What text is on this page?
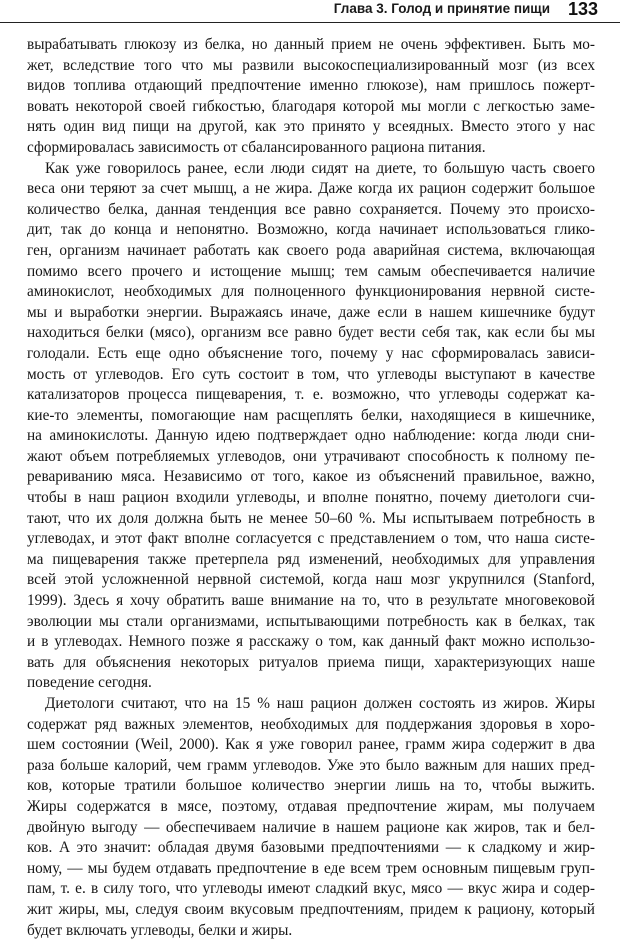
Глава 3. Голод и принятие пищи 133
вырабатывать глюкозу из белка, но данный прием не очень эффективен. Быть мо-
жет, вследствие того что мы развили высокоспециализированный мозг (из всех
видов топлива отдающий предпочтение именно глюкозе), нам пришлось пожерт-
вовать некоторой своей гибкостью, благодаря которой мы могли с легкостью заме-
нять один вид пищи на другой, как это принято у всеядных. Вместо этого у нас
сформировалась зависимость от сбалансированного рациона питания.
Как уже говорилось ранее, если люди сидят на диете, то большую часть своего
веса они теряют за счет мышц, а не жира. Даже когда их рацион содержит большое
количество белка, данная тенденция все равно сохраняется. Почему это происхо-
дит, так до конца и непонятно. Возможно, когда начинает использоваться глико-
ген, организм начинает работать как своего рода аварийная система, включающая
помимо всего прочего и истощение мышц; тем самым обеспечивается наличие
аминокислот, необходимых для полноценного функционирования нервной систе-
мы и выработки энергии. Выражаясь иначе, даже если в нашем кишечнике будут
находиться белки (мясо), организм все равно будет вести себя так, как если бы мы
голодали. Есть еще одно объяснение того, почему у нас сформировалась зависи-
мость от углеводов. Его суть состоит в том, что углеводы выступают в качестве
катализаторов процесса пищеварения, т. е. возможно, что углеводы содержат ка-
кие-то элементы, помогающие нам расщеплять белки, находящиеся в кишечнике,
на аминокислоты. Данную идею подтверждает одно наблюдение: когда люди сни-
жают объем потребляемых углеводов, они утрачивают способность к полному пе-
ревариванию мяса. Независимо от того, какое из объяснений правильное, важно,
чтобы в наш рацион входили углеводы, и вполне понятно, почему диетологи счи-
тают, что их доля должна быть не менее 50–60 %. Мы испытываем потребность в
углеводах, и этот факт вполне согласуется с представлением о том, что наша систе-
ма пищеварения также претерпела ряд изменений, необходимых для управления
всей этой усложненной нервной системой, когда наш мозг укрупнился (Stanford,
1999). Здесь я хочу обратить ваше внимание на то, что в результате многовековой
эволюции мы стали организмами, испытывающими потребность как в белках, так
и в углеводах. Немного позже я расскажу о том, как данный факт можно использо-
вать для объяснения некоторых ритуалов приема пищи, характеризующих наше
поведение сегодня.
Диетологи считают, что на 15 % наш рацион должен состоять из жиров. Жиры
содержат ряд важных элементов, необходимых для поддержания здоровья в хоро-
шем состоянии (Weil, 2000). Как я уже говорил ранее, грамм жира содержит в два
раза больше калорий, чем грамм углеводов. Уже это было важным для наших пред-
ков, которые тратили большое количество энергии лишь на то, чтобы выжить.
Жиры содержатся в мясе, поэтому, отдавая предпочтение жирам, мы получаем
двойную выгоду — обеспечиваем наличие в нашем рационе как жиров, так и бел-
ков. А это значит: обладая двумя базовыми предпочтениями — к сладкому и жир-
ному, — мы будем отдавать предпочтение в еде всем трем основным пищевым груп-
пам, т. е. в силу того, что углеводы имеют сладкий вкус, мясо — вкус жира и содер-
жит жиры, мы, следуя своим вкусовым предпочтениям, придем к рациону, который
будет включать углеводы, белки и жиры.
